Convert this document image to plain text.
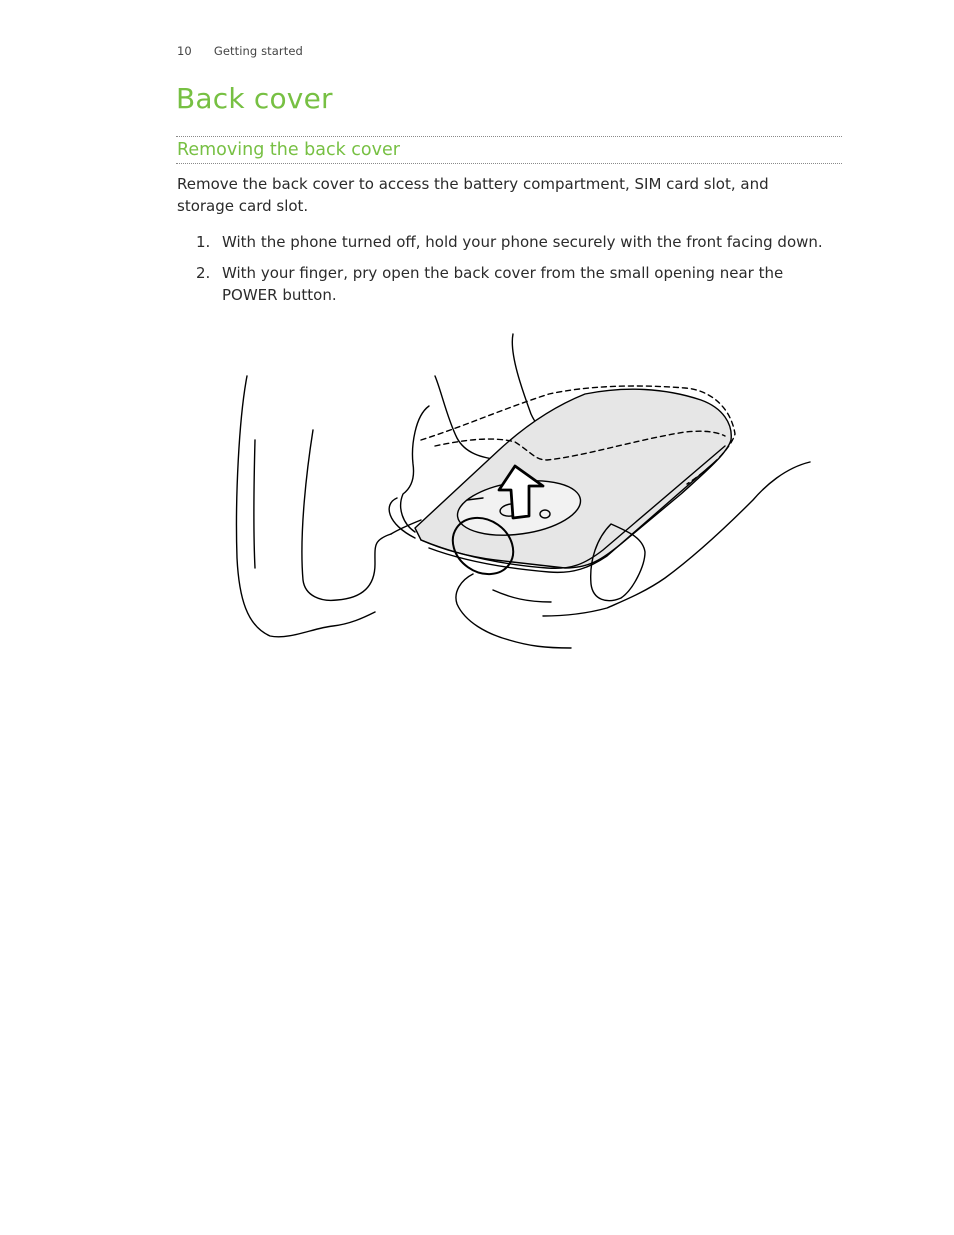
10 Getting started
Back cover
Removing the back cover

Remove the back cover to access the battery compartment, SIM card slot, and storage card slot.

1. With the phone turned off, hold your phone securely with the front facing down.
2. With your finger, pry open the back cover from the small opening near the POWER button.
